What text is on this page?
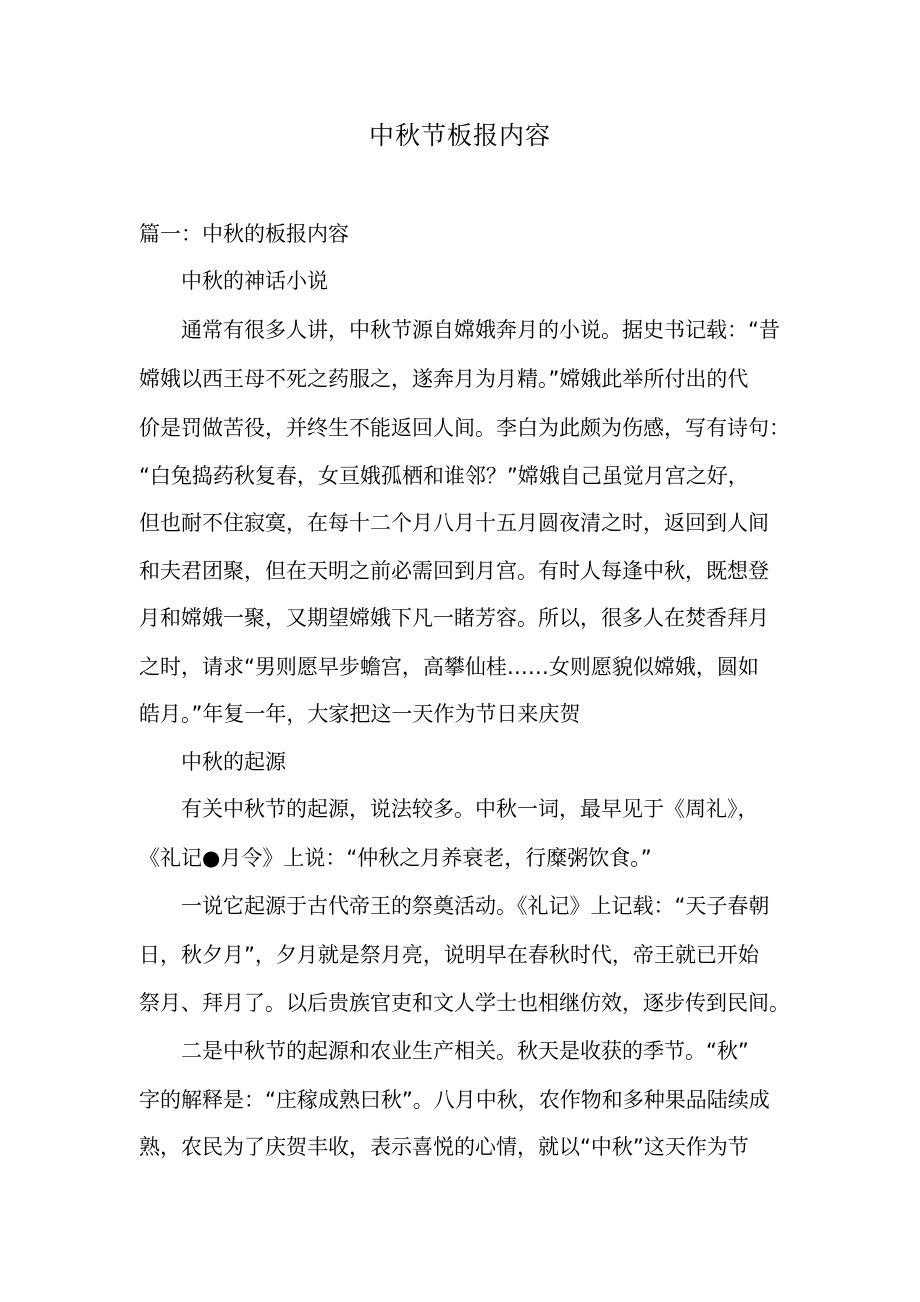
中秋节板报内容
篇一：中秋的板报内容
中秋的神话小说
通常有很多人讲，中秋节源自嫦娥奔月的小说。据史书记载：“昔
嫦娥以西王母不死之药服之，遂奔月为月精。”嫦娥此举所付出的代
价是罚做苦役，并终生不能返回人间。李白为此颇为伤感，写有诗句：
“白兔捣药秋复春，女亘娥孤栖和谁邻？”嫦娥自己虽觉月宫之好，
但也耐不住寂寞，在每十二个月八月十五月圆夜清之时，返回到人间
和夫君团聚，但在天明之前必需回到月宫。有时人每逢中秋，既想登
月和嫦娥一聚，又期望嫦娥下凡一睹芳容。所以，很多人在焚香拜月
之时，请求“男则愿早步蟾宫，高攀仙桂……女则愿貌似嫦娥，圆如
皓月。”年复一年，大家把这一天作为节日来庆贺
中秋的起源
有关中秋节的起源，说法较多。中秋一词，最早见于《周礼》，
《礼记●月令》上说：“仲秋之月养衰老，行糜粥饮食。”
一说它起源于古代帝王的祭奠活动。《礼记》上记载：“天子春朝
日，秋夕月”，夕月就是祭月亮，说明早在春秋时代，帝王就已开始
祭月、拜月了。以后贵族官吏和文人学士也相继仿效，逐步传到民间。
二是中秋节的起源和农业生产相关。秋天是收获的季节。“秋”
字的解释是：“庄稼成熟曰秋”。八月中秋，农作物和多种果品陆续成
熟，农民为了庆贺丰收，表示喜悦的心情，就以“中秋”这天作为节
